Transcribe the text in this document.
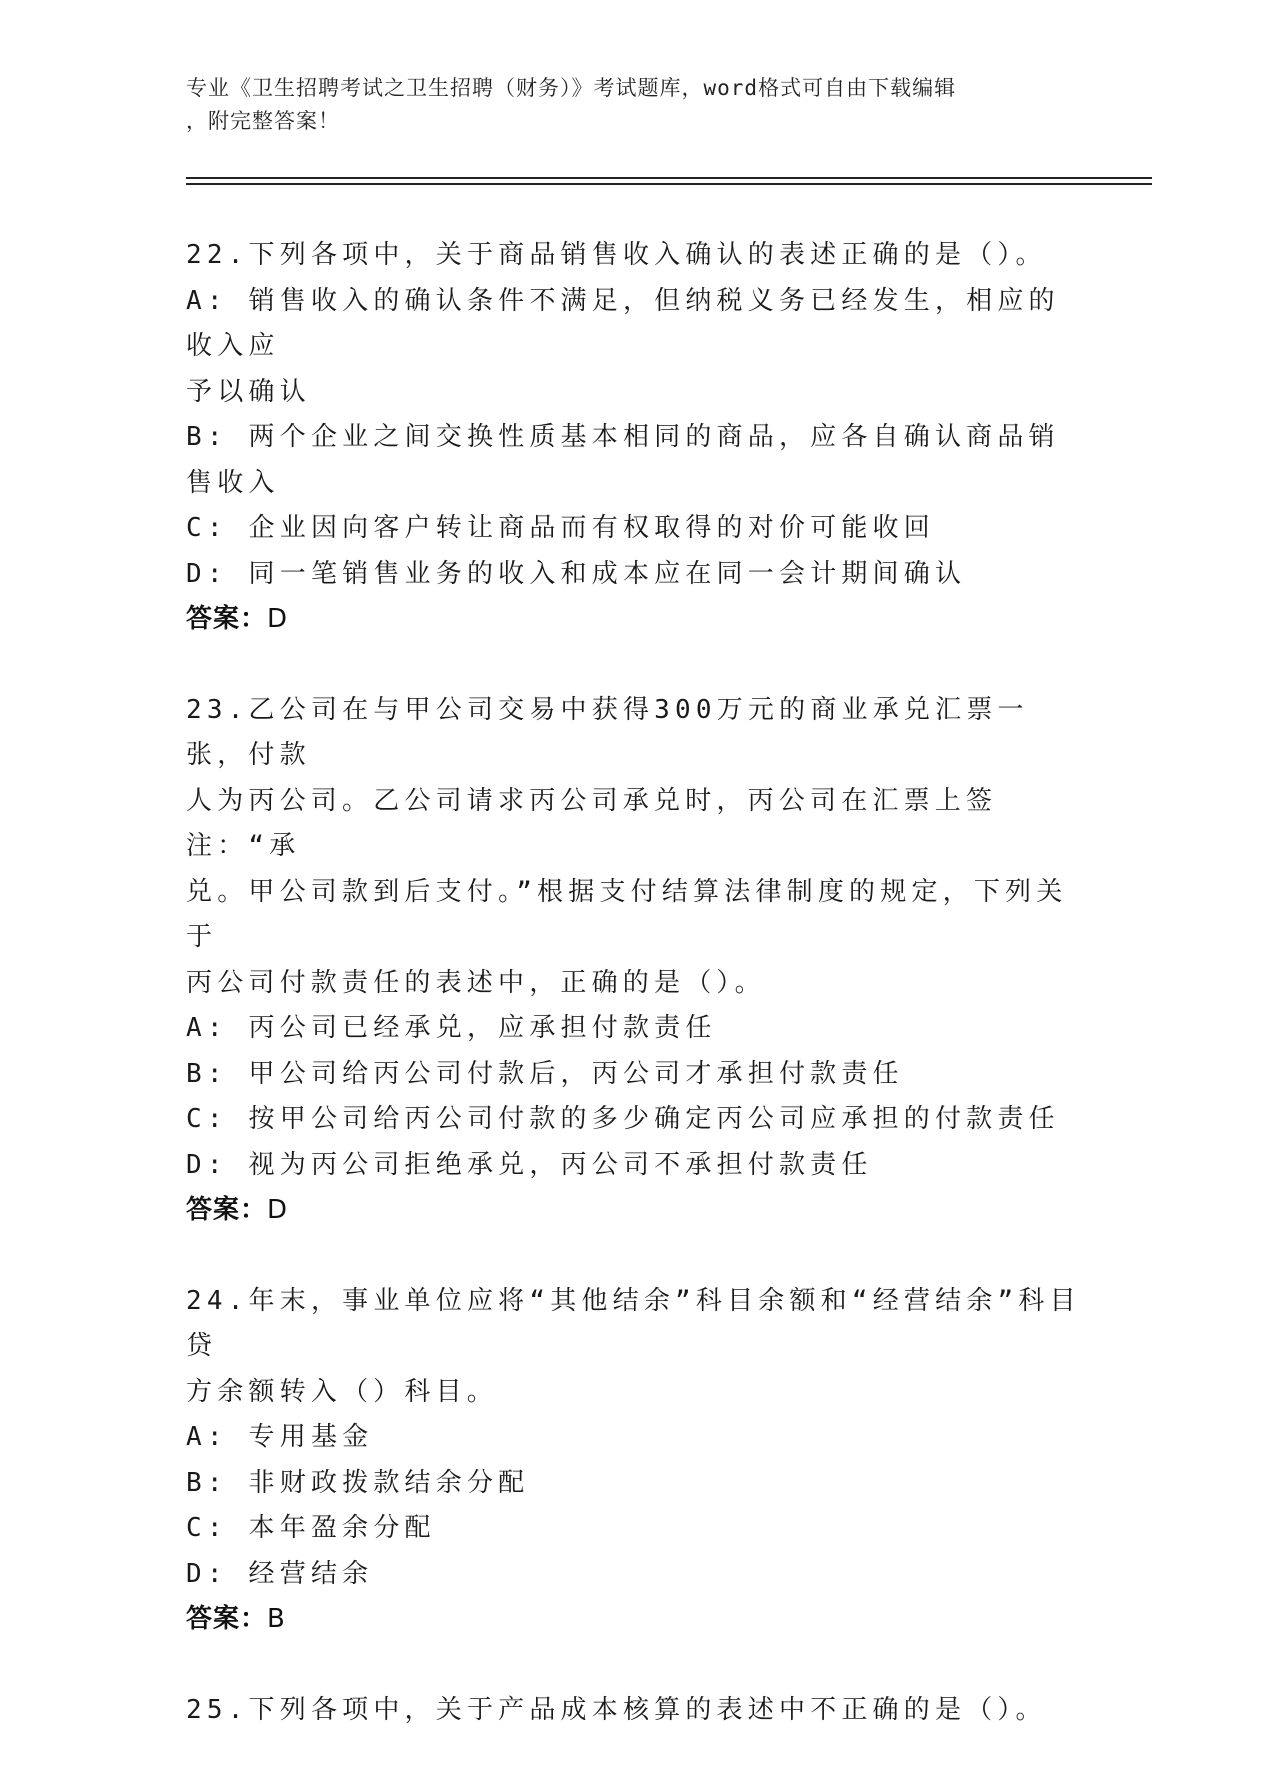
专业《卫生招聘考试之卫生招聘（财务）》考试题库，word格式可自由下载编辑
，附完整答案！
22.下列各项中，关于商品销售收入确认的表述正确的是（）。
A: 销售收入的确认条件不满足，但纳税义务已经发生，相应的收入应
予以确认
B: 两个企业之间交换性质基本相同的商品，应各自确认商品销售收入
C: 企业因向客户转让商品而有权取得的对价可能收回
D: 同一笔销售业务的收入和成本应在同一会计期间确认
答案：D
23.乙公司在与甲公司交易中获得300万元的商业承兑汇票一张，付款
人为丙公司。乙公司请求丙公司承兑时，丙公司在汇票上签注：“承
兑。甲公司款到后支付。”根据支付结算法律制度的规定，下列关于
丙公司付款责任的表述中，正确的是（）。
A: 丙公司已经承兑，应承担付款责任
B: 甲公司给丙公司付款后，丙公司才承担付款责任
C: 按甲公司给丙公司付款的多少确定丙公司应承担的付款责任
D: 视为丙公司拒绝承兑，丙公司不承担付款责任
答案：D
24.年末，事业单位应将“其他结余”科目余额和“经营结余”科目贷
方余额转入（）科目。
A: 专用基金
B: 非财政拨款结余分配
C: 本年盈余分配
D: 经营结余
答案：B
25.下列各项中，关于产品成本核算的表述中不正确的是（）。
